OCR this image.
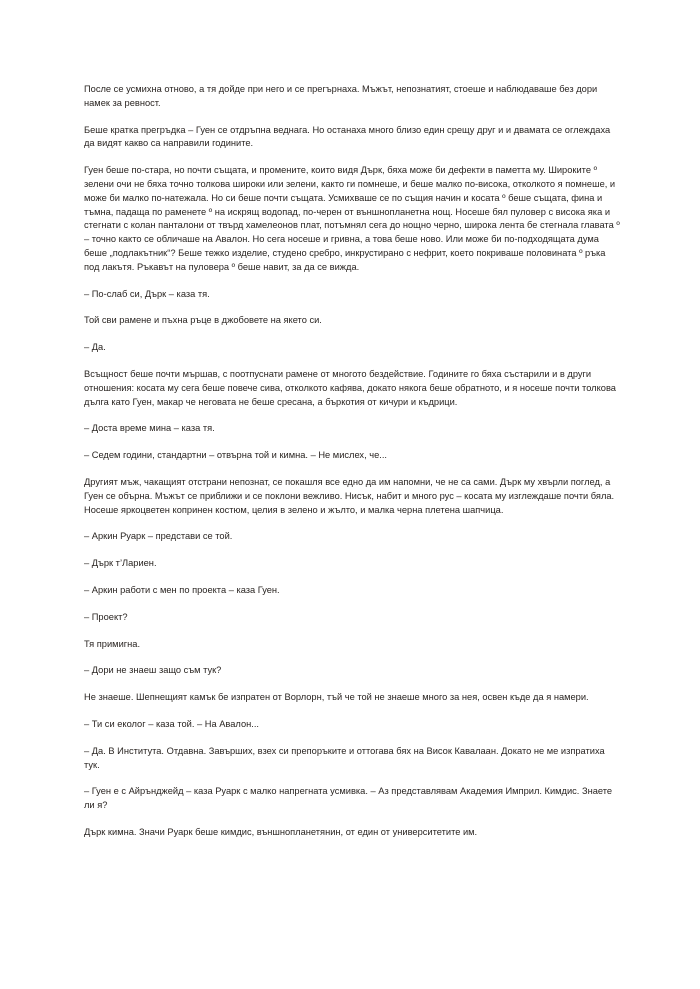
После се усмихна отново, а тя дойде при него и се прегърнаха. Мъжът, непознатият, стоеше и наблюдаваше без дори намек за ревност.

Беше кратка прегръдка – Гуен се отдръпна веднага. Но останаха много близо един срещу друг и и двамата се оглеждаха да видят какво са направили годините.

Гуен беше по-стара, но почти същата, и промените, които видя Дърк, бяха може би дефекти в паметта му. Широките º зелени очи не бяха точно толкова широки или зелени, както ги помнеше, и беше малко по-висока, отколкото я помнеше, и може би малко по-натежала. Но си беше почти същата. Усмихваше се по същия начин и косата º беше същата, фина и тъмна, падаща по раменете º на искрящ водопад, по-черен от външнопланетна нощ. Носеше бял пуловер с висока яка и стегнати с колан панталони от твърд хамелеонов плат, потъмнял сега до нощно черно, широка лента бе стегнала главата º – точно както се обличаше на Авалон. Но сега носеше и гривна, а това беше ново. Или може би по-подходящата дума беше „подлакътник“? Беше тежко изделие, студено сребро, инкрустирано с нефрит, което покриваше половината º ръка под лакътя. Ръкавът на пуловера º беше навит, за да се вижда.

– По-слаб си, Дърк – каза тя.

Той сви рамене и пъхна ръце в джобовете на якето си.

– Да.

Всъщност беше почти мършав, с поотпуснати рамене от многото бездействие. Годините го бяха състарили и в други отношения: косата му сега беше повече сива, отколкото кафява, докато някога беше обратното, и я носеше почти толкова дълга като Гуен, макар че неговата не беше сресана, а бъркотия от кичури и къдрици.

– Доста време мина – каза тя.

– Седем години, стандартни – отвърна той и кимна. – Не мислех, че...

Другият мъж, чакащият отстрани непознат, се покашля все едно да им напомни, че не са сами. Дърк му хвърли поглед, а Гуен се обърна. Мъжът се приближи и се поклони вежливо. Нисък, набит и много рус – косата му изглеждаше почти бяла. Носеше яркоцветен копринен костюм, целия в зелено и жълто, и малка черна плетена шапчица.

– Аркин Руарк – представи се той.

– Дърк т’Лариен.

– Аркин работи с мен по проекта – каза Гуен.

– Проект?

Тя примигна.

– Дори не знаеш защо съм тук?

Не знаеше. Шепнещият камък бе изпратен от Ворлорн, тъй че той не знаеше много за нея, освен къде да я намери.

– Ти си еколог – каза той. – На Авалон...

– Да. В Института. Отдавна. Завърших, взех си препоръките и оттогава бях на Висок Кавалаан. Докато не ме изпратиха тук.

– Гуен е с Айрънджейд – каза Руарк с малко напрегната усмивка. – Аз представлявам Академия Имприл. Кимдис. Знаете ли я?

Дърк кимна. Значи Руарк беше кимдис, външнопланетянин, от един от университетите им.
